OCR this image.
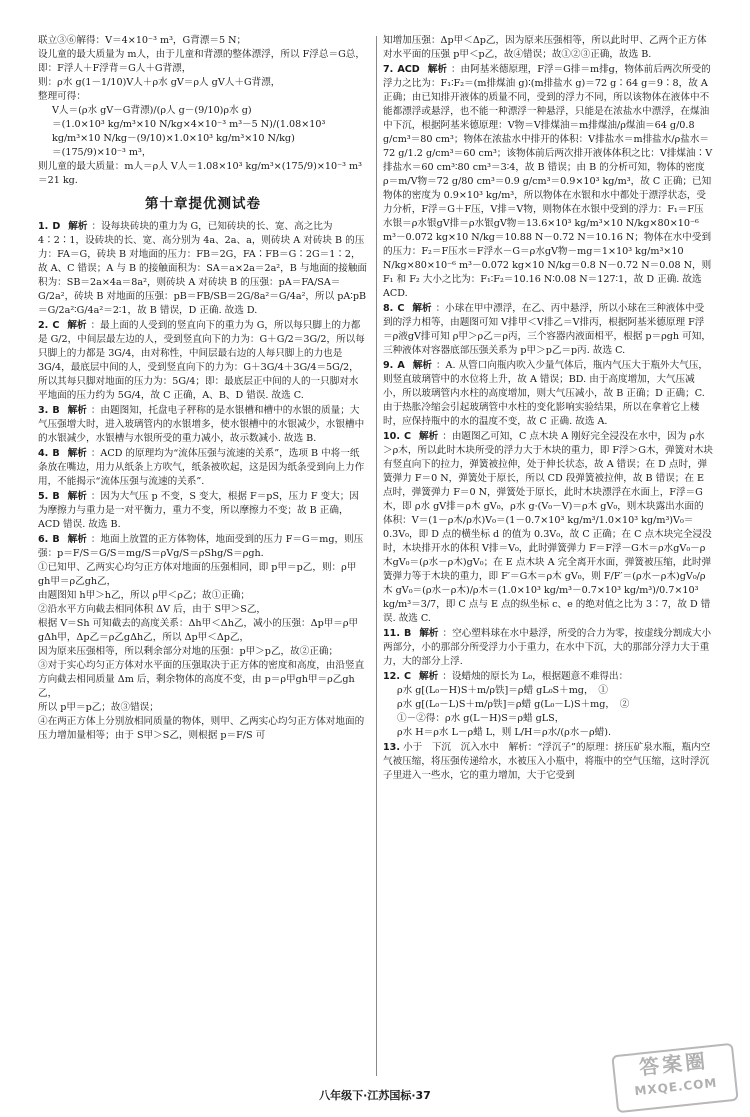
联立③⑥解得：V＝4×10⁻³ m³，G背漂＝5 N；

设儿童的最大质量为 m人，由于儿童和背漂的整体漂浮，所以 F浮总＝G总，

即：F浮人＋F浮背＝G人＋G背漂，

则：ρ水 g(1－1/10)V人＋ρ水 gV＝ρ人 gV人＋G背漂，

整理可得：

V人＝(ρ水 gV－G背漂)/(ρ人 g－(9/10)ρ水 g)

＝(1.0×10³ kg/m³×10 N/kg×4×10⁻³ m³－5 N)/(1.08×10³ kg/m³×10 N/kg－(9/10)×1.0×10³ kg/m³×10 N/kg)

＝(175/9)×10⁻³ m³，

则儿童的最大质量：m人＝ρ人 V人＝1.08×10³ kg/m³×(175/9)×10⁻³ m³＝21 kg.

第十章提优测试卷

1. D 解析 ：设每块砖块的重力为 G，已知砖块的长、宽、高之比为 4∶2∶1，设砖块的长、宽、高分别为 4a、2a、a，则砖块 A 对砖块 B 的压力：FA＝G，砖块 B 对地面的压力：FB＝2G，FA∶FB＝G∶2G＝1∶2，故 A、C 错误；A 与 B 的接触面积为：SA＝a×2a＝2a²，B 与地面的接触面积为：SB＝2a×4a＝8a²，则砖块 A 对砖块 B 的压强：pA＝FA/SA＝G/2a²，砖块 B 对地面的压强：pB＝FB/SB＝2G/8a²＝G/4a²，所以 pA∶pB＝G/2a²∶G/4a²＝2∶1，故 B 错误，D 正确. 故选 D.

2. C 解析 ：最上面的人受到的竖直向下的重力为 G，所以每只脚上的力都是 G/2，中间层最左边的人，受到竖直向下的力为：G＋G/2＝3G/2，所以每只脚上的力都是 3G/4，由对称性，中间层最右边的人每只脚上的力也是 3G/4，最底层中间的人，受到竖直向下的力为：G＋3G/4＋3G/4＝5G/2，所以其每只脚对地面的压力为：5G/4；即：最底层正中间的人的一只脚对水平地面的压力约为 5G/4，故 C 正确，A、B、D 错误. 故选 C.

3. B 解析 ：由题图知，托盘电子秤称的是水银槽和槽中的水银的质量；大气压强增大时，进入玻璃管内的水银增多，使水银槽中的水银减少，水银槽中的水银减少，水银槽与水银所受的重力减小，故示数减小. 故选 B.

4. B 解析 ：ACD 的原理均为“流体压强与流速的关系”，选项 B 中将一纸条放在嘴边，用力从纸条上方吹气，纸条被吹起，这是因为纸条受到向上力作用，不能揭示“流体压强与流速的关系”.

5. B 解析 ：因为大气压 p 不变，S 变大，根据 F＝pS，压力 F 变大；因为摩擦力与重力是一对平衡力，重力不变，所以摩擦力不变；故 B 正确，ACD 错误. 故选 B.

6. B 解析 ：地面上放置的正方体物体，地面受到的压力 F＝G＝mg，则压强：p＝F/S＝G/S＝mg/S＝ρVg/S＝ρShg/S＝ρgh.

①已知甲、乙两实心均匀正方体对地面的压强相同，即 p甲＝p乙，则：ρ甲gh甲＝ρ乙gh乙，

由题图知 h甲＞h乙，所以 ρ甲＜ρ乙；故①正确；

②沿水平方向截去相同体积 ΔV 后，由于 S甲＞S乙，

根据 V＝Sh 可知截去的高度关系：Δh甲＜Δh乙，减小的压强：Δp甲＝ρ甲gΔh甲，Δp乙＝ρ乙gΔh乙，所以 Δp甲＜Δp乙，

因为原来压强相等，所以剩余部分对地的压强：p甲＞p乙，故②正确；

③对于实心均匀正方体对水平面的压强取决于正方体的密度和高度，由沿竖直方向截去相同质量 Δm 后，剩余物体的高度不变，由 p＝ρ甲gh甲＝ρ乙gh乙，

所以 p甲＝p乙；故③错误；

④在两正方体上分别放相同质量的物体，则甲、乙两实心均匀正方体对地面的压力增加量相等；由于 S甲＞S乙，则根据 p＝F/S 可

知增加压强：Δp甲＜Δp乙，因为原来压强相等，所以此时甲、乙两个正方体对水平面的压强 p甲＜p乙，故④错误；故①②③正确，故选 B.

7. ACD 解析 ：由阿基米德原理，F浮＝G排＝m排g，物体前后两次所受的浮力之比为：F₁∶F₂＝(m排煤油 g)∶(m排盐水 g)＝72 g∶64 g＝9∶8，故 A 正确；由已知排开液体的质量不同，受到的浮力不同，所以该物体在液体中不能都漂浮或悬浮，也不能一种漂浮一种悬浮，只能是在浓盐水中漂浮，在煤油中下沉，根据阿基米德原理：V物＝V排煤油＝m排煤油/ρ煤油＝64 g/0.8 g/cm³＝80 cm³；物体在浓盐水中排开的体积：V排盐水＝m排盐水/ρ盐水＝72 g/1.2 g/cm³＝60 cm³；该物体前后两次排开液体体积之比：V排煤油∶V排盐水＝60 cm³∶80 cm³＝3∶4，故 B 错误；由 B 的分析可知，物体的密度 ρ＝m/V物＝72 g/80 cm³＝0.9 g/cm³＝0.9×10³ kg/m³，故 C 正确；已知物体的密度为 0.9×10³ kg/m³，所以物体在水银和水中都处于漂浮状态，受力分析，F浮＝G＋F压，V排＝V物，则物体在水银中受到的浮力：F₁＝F压水银＝ρ水银gV排＝ρ水银gV物＝13.6×10³ kg/m³×10 N/kg×80×10⁻⁶ m³－0.072 kg×10 N/kg＝10.88 N－0.72 N＝10.16 N；物体在水中受到的压力：F₂＝F压水＝F浮水－G＝ρ水gV物－mg＝1×10³ kg/m³×10 N/kg×80×10⁻⁶ m³－0.072 kg×10 N/kg＝0.8 N－0.72 N＝0.08 N，则 F₁ 和 F₂ 大小之比为：F₁∶F₂＝10.16 N∶0.08 N＝127∶1，故 D 正确. 故选 ACD.

8. C 解析 ：小球在甲中漂浮，在乙、丙中悬浮，所以小球在三种液体中受到的浮力相等，由题图可知 V排甲＜V排乙＝V排丙，根据阿基米德原理 F浮＝ρ液gV排可知 ρ甲＞ρ乙＝ρ丙，三个容器内液面相平，根据 p＝ρgh 可知，三种液体对容器底部压强关系为 p甲＞p乙＝p丙. 故选 C.

9. A 解析 ：A. 从管口向瓶内吹入少量气体后，瓶内气压大于瓶外大气压，则竖直玻璃管中的水位将上升，故 A 错误；BD. 由于高度增加，大气压减小，所以玻璃管内水柱的高度增加，则大气压减小，故 B 正确；D 正确；C. 由于热胀冷缩会引起玻璃管中水柱的变化影响实验结果，所以在拿着它上楼时，应保持瓶中的水的温度不变，故 C 正确. 故选 A.

10. C 解析 ：由题图乙可知，C 点木块 A 刚好完全浸没在水中，因为 ρ水＞ρ木，所以此时木块所受的浮力大于木块的重力，即 F浮＞G木，弹簧对木块有竖直向下的拉力，弹簧被拉伸，处于伸长状态，故 A 错误；在 D 点时，弹簧弹力 F＝0 N，弹簧处于原长，所以 CD 段弹簧被拉伸，故 B 错误；在 E 点时，弹簧弹力 F＝0 N，弹簧处于原长，此时木块漂浮在水面上，F浮＝G木，即 ρ水 gV排＝ρ木 gV₀，ρ水 g·(V₀－V)＝ρ木 gV₀，则木块露出水面的体积：V＝(1－ρ木/ρ水)V₀＝(1－0.7×10³ kg/m³/1.0×10³ kg/m³)V₀＝0.3V₀，即 D 点的横坐标 d 的值为 0.3V₀，故 C 正确；在 C 点木块完全浸没时，木块排开水的体积 V排＝V₀，此时弹簧弹力 F＝F浮－G木＝ρ水gV₀－ρ木gV₀＝(ρ水－ρ木)gV₀；在 E 点木块 A 完全离开水面，弹簧被压缩，此时弹簧弹力等于木块的重力，即 F′＝G木＝ρ木 gV₀，则 F/F′＝(ρ水－ρ木)gV₀/ρ木 gV₀＝(ρ水－ρ木)/ρ木＝(1.0×10³ kg/m³－0.7×10³ kg/m³)/0.7×10³ kg/m³＝3/7，即 C 点与 E 点的纵坐标 c、e 的绝对值之比为 3∶7，故 D 错误. 故选 C.

11. B 解析 ：空心塑料球在水中悬浮，所受的合力为零，按虚线分割成大小两部分，小的那部分所受浮力小于重力，在水中下沉，大的那部分浮力大于重力，大的部分上浮.

12. C 解析 ：设蜡烛的原长为 L₀，根据题意不难得出：

ρ水 g[(L₀－H)S＋m/ρ铁]＝ρ蜡 gL₀S＋mg，　①

ρ水 g[(L₀－L)S＋m/ρ铁]＝ρ蜡 g(L₀－L)S＋mg，　②

①－②得：ρ水 g(L－H)S＝ρ蜡 gLS，

ρ水 H＝ρ水 L－ρ蜡 L，则 L/H＝ρ水/(ρ水－ρ蜡).

13. 小于　下沉　沉入水中　解析：“浮沉子”的原理：挤压矿泉水瓶，瓶内空气被压缩，将压强传递给水，水被压入小瓶中，将瓶中的空气压缩，这时浮沉子里进入一些水，它的重力增加，大于它受到

八年级下·江苏国标·37
答案圈
MXQE.COM
